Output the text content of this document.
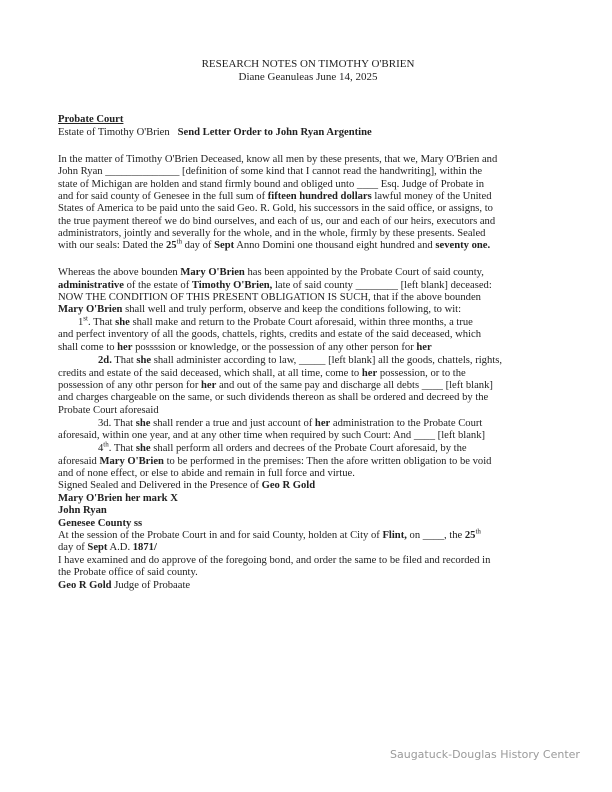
RESEARCH NOTES ON TIMOTHY O'BRIEN
Diane Geanuleas June 14, 2025

Probate Court

Estate of Timothy O'Brien Send Letter Order to John Ryan Argentine

In the matter of Timothy O'Brien Deceased, know all men by these presents, that we, Mary O'Brien and

John Ryan ______________ [definition of some kind that I cannot read the handwriting], within the

state of Michigan are holden and stand firmly bound and obliged unto ____ Esq. Judge of Probate in

and for said county of Genesee in the full sum of fifteen hundred dollars lawful money of the United

States of America to be paid unto the said Geo. R. Gold, his successors in the said office, or assigns, to

the true payment thereof we do bind ourselves, and each of us, our and each of our heirs, executors and

administrators, jointly and severally for the whole, and in the whole, firmly by these presents. Sealed

with our seals: Dated the 25th day of Sept Anno Domini one thousand eight hundred and seventy one.

Whereas the above bounden Mary O'Brien has been appointed by the Probate Court of said county,

administrative of the estate of Timothy O'Brien, late of said county ________ [left blank] deceased:

NOW THE CONDITION OF THIS PRESENT OBLIGATION IS SUCH, that if the above bounden

Mary O'Brien shall well and truly perform, observe and keep the conditions following, to wit:

1st. That she shall make and return to the Probate Court aforesaid, within three months, a true

and perfect inventory of all the goods, chattels, rights, credits and estate of the said deceased, which

shall come to her possssion or knowledge, or the possession of any other person for her

2d. That she shall administer according to law, _____ [left blank] all the goods, chattels, rights,

credits and estate of the said deceased, which shall, at all time, come to her possession, or to the

possession of any othr person for her and out of the same pay and discharge all debts ____ [left blank]

and charges chargeable on the same, or such dividends thereon as shall be ordered and decreed by the

Probate Court aforesaid

3d. That she shall render a true and just account of her administration to the Probate Court

aforesaid, within one year, and at any other time when required by such Court: And ____ [left blank]

4th. That she shall perform all orders and decrees of the Probate Court aforesaid, by the

aforesaid Mary O'Brien to be performed in the premises: Then the afore written obligation to be void

and of none effect, or else to abide and remain in full force and virtue.

Signed Sealed and Delivered in the Presence of Geo R Gold

Mary O'Brien her mark X

John Ryan

Genesee County ss

At the session of the Probate Court in and for said County, holden at City of Flint, on ____, the 25th

day of Sept A.D. 1871/

I have examined and do approve of the foregoing bond, and order the same to be filed and recorded in

the Probate office of said county.

Geo R Gold Judge of Probaate

Saugatuck-Douglas History Center
